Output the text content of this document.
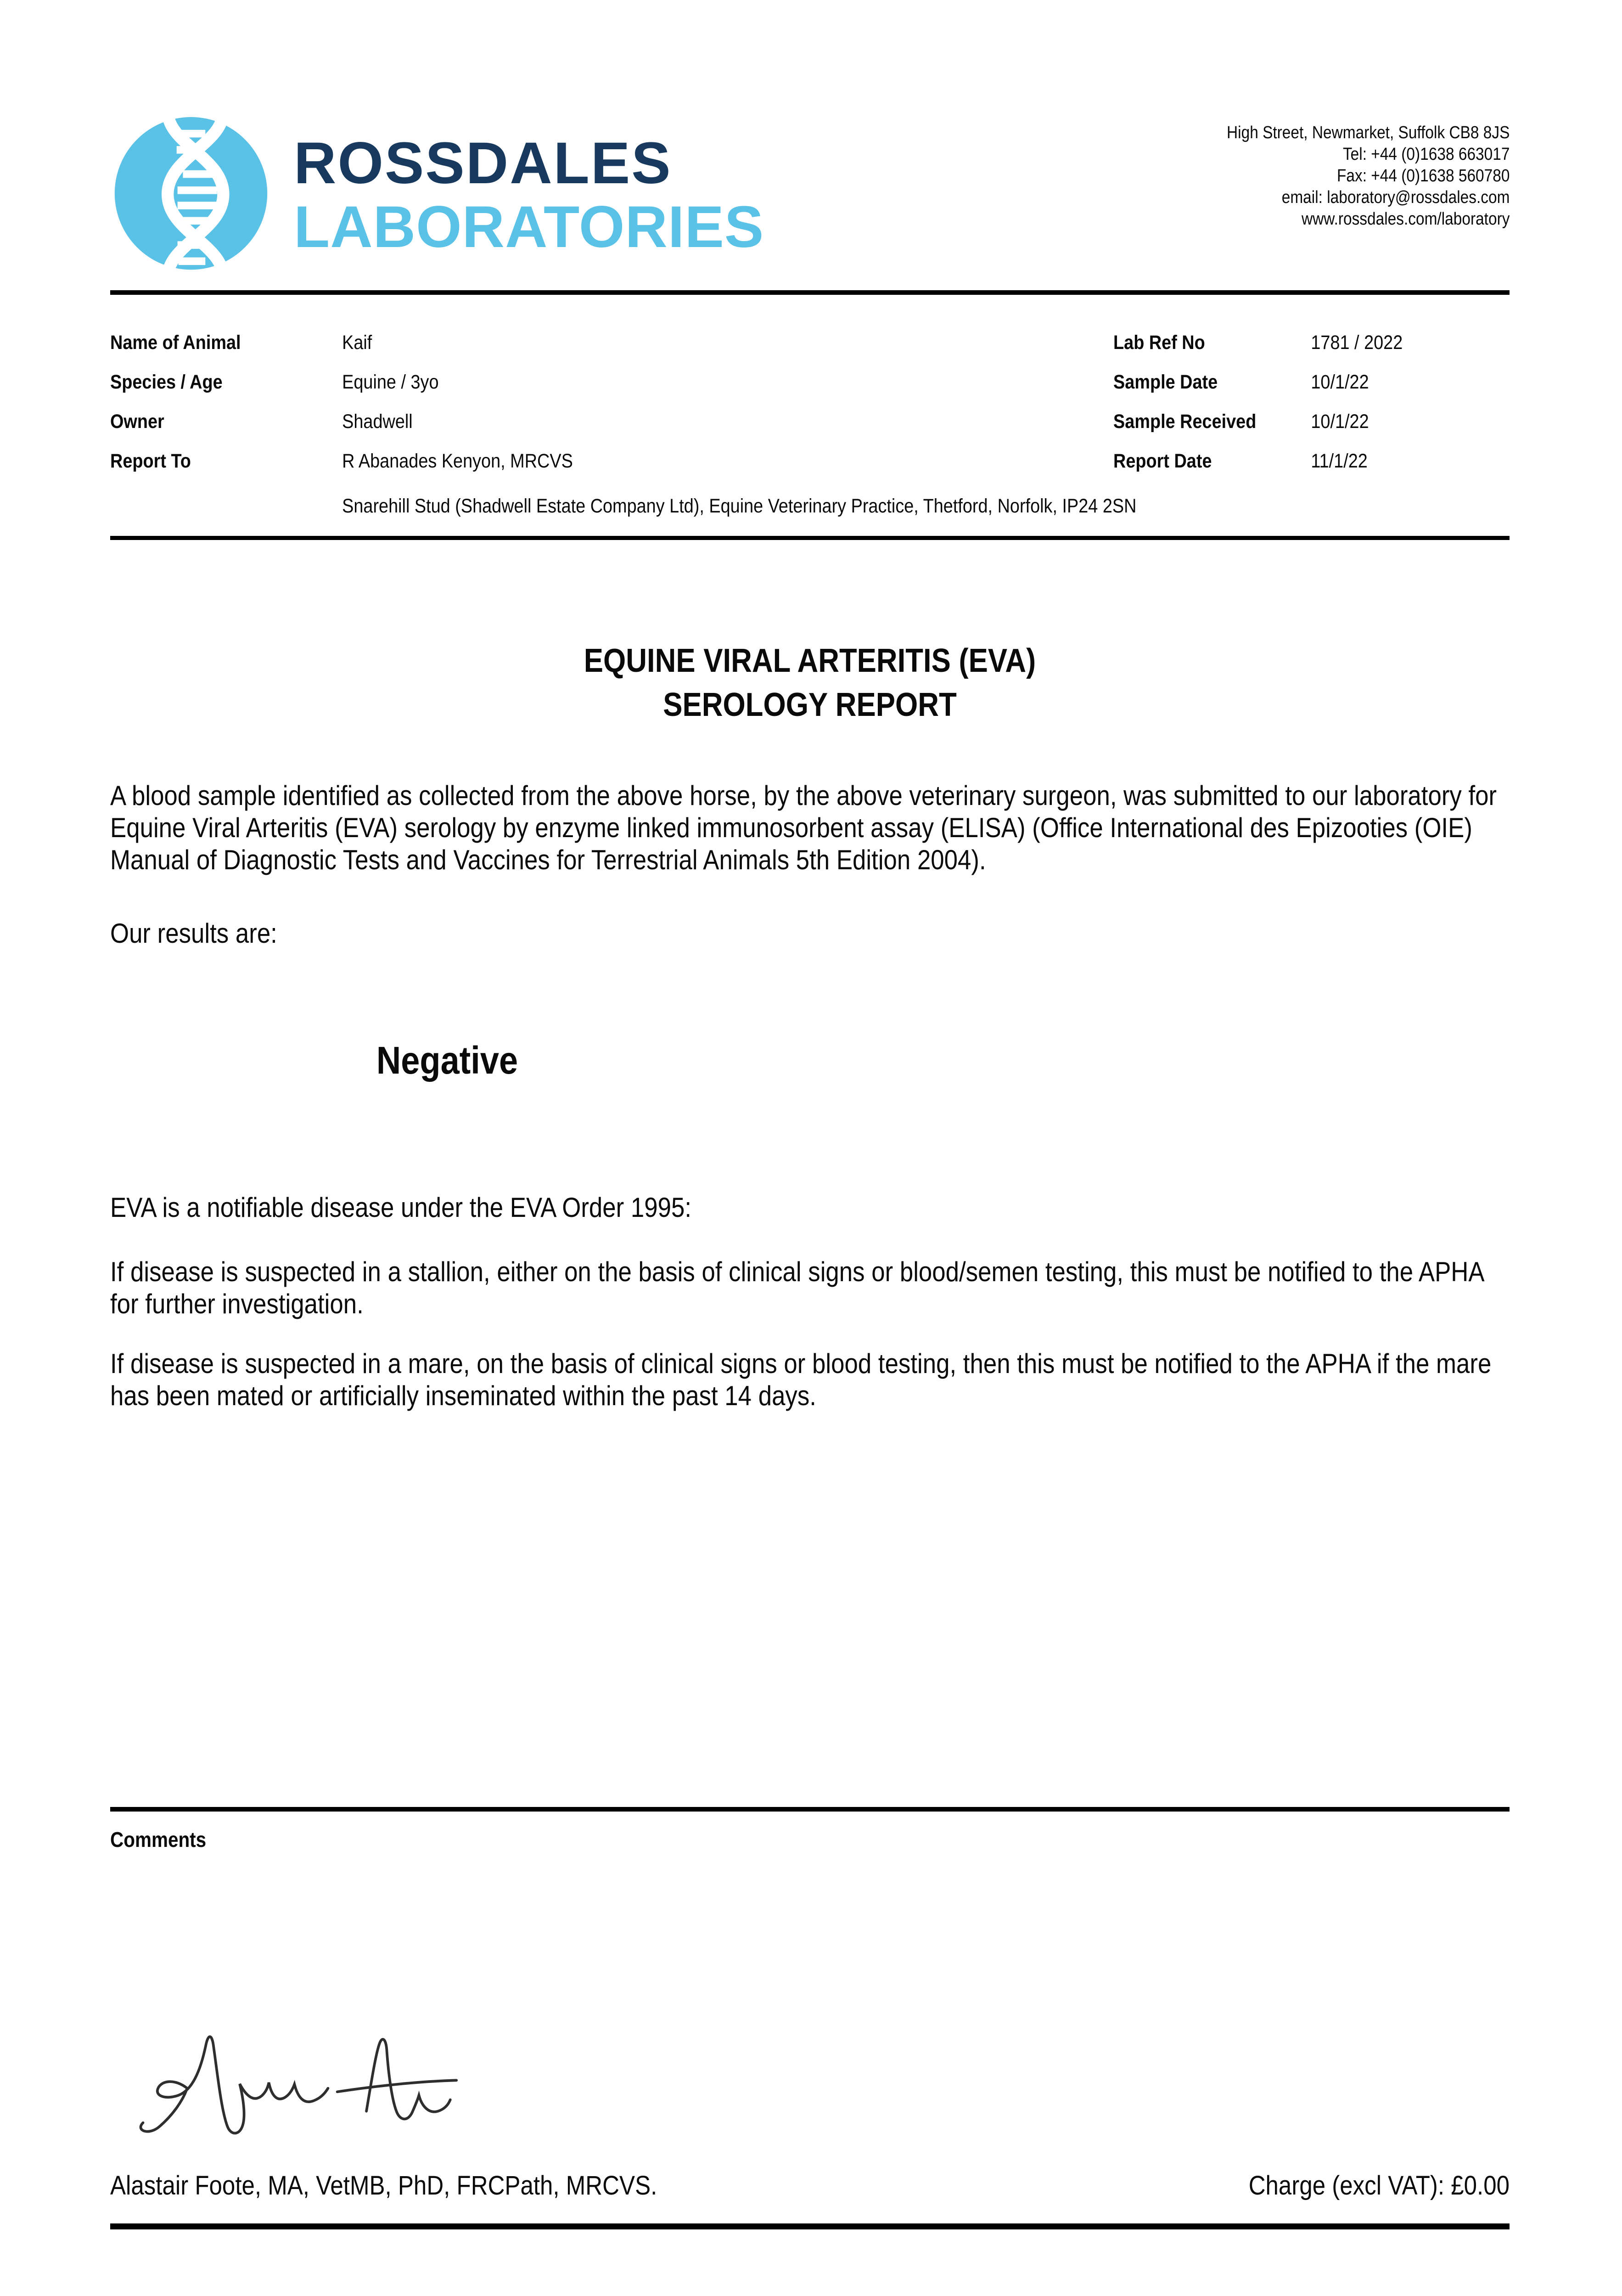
ROSSDALES
LABORATORIES
High Street, Newmarket, Suffolk CB8 8JS
Tel: +44 (0)1638 663017
Fax: +44 (0)1638 560780
email: laboratory@rossdales.com
www.rossdales.com/laboratory
Name of Animal	Kaif	Lab Ref No	1781 / 2022
Species / Age	Equine / 3yo	Sample Date	10/1/22
Owner	Shadwell	Sample Received	10/1/22
Report To	R Abanades Kenyon, MRCVS	Report Date	11/1/22
Snarehill Stud (Shadwell Estate Company Ltd), Equine Veterinary Practice, Thetford, Norfolk, IP24 2SN
EQUINE VIRAL ARTERITIS (EVA)
SEROLOGY REPORT

A blood sample identified as collected from the above horse, by the above veterinary surgeon, was submitted to our laboratory for Equine Viral Arteritis (EVA) serology by enzyme linked immunosorbent assay (ELISA) (Office International des Epizooties (OIE) Manual of Diagnostic Tests and Vaccines for Terrestrial Animals 5th Edition 2004).

Our results are:

Negative

EVA is a notifiable disease under the EVA Order 1995:

If disease is suspected in a stallion, either on the basis of clinical signs or blood/semen testing, this must be notified to the APHA for further investigation.

If disease is suspected in a mare, on the basis of clinical signs or blood testing, then this must be notified to the APHA if the mare has been mated or artificially inseminated within the past 14 days.

Comments
Alastair Foote, MA, VetMB, PhD, FRCPath, MRCVS.	Charge (excl VAT): £0.00
